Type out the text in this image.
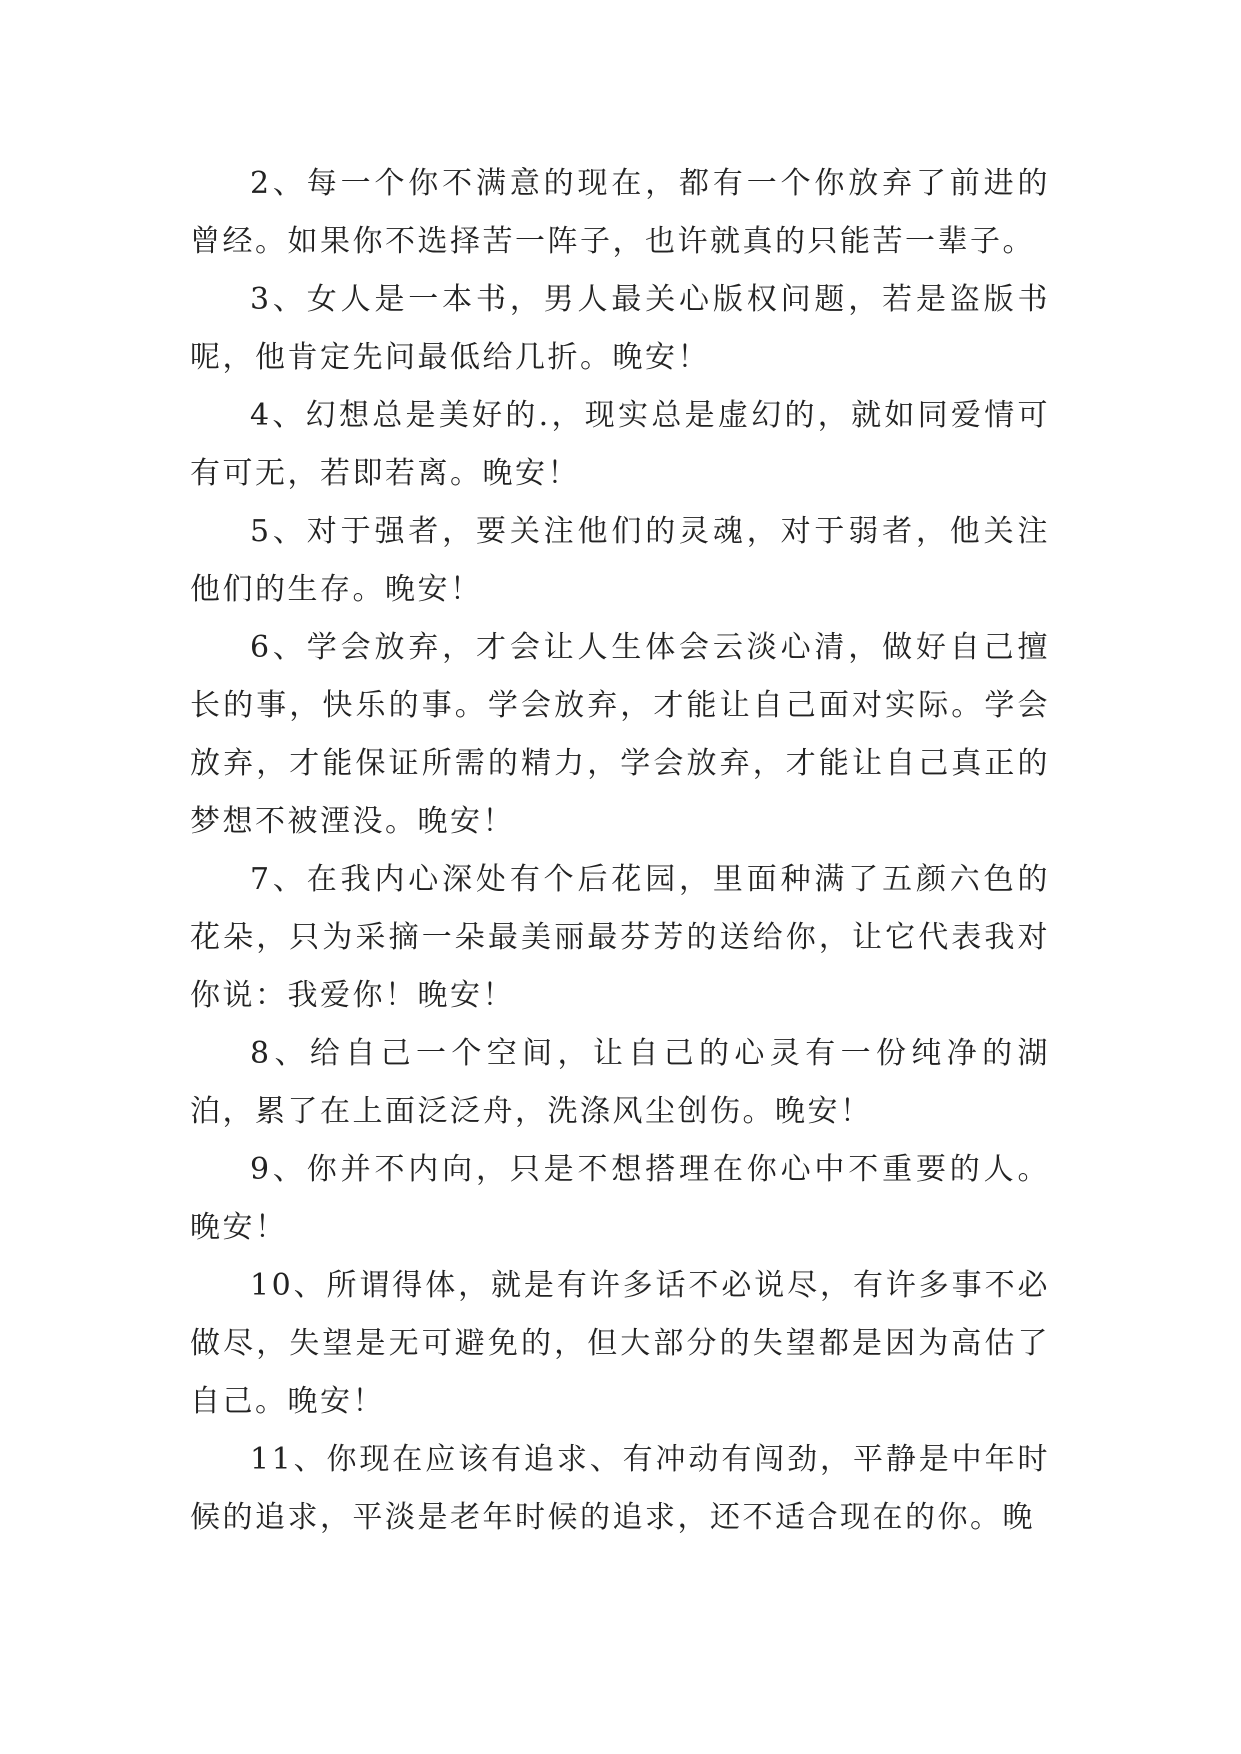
2、每一个你不满意的现在，都有一个你放弃了前进的曾经。如果你不选择苦一阵子，也许就真的只能苦一辈子。

3、女人是一本书，男人最关心版权问题，若是盗版书呢，他肯定先问最低给几折。晚安！

4、幻想总是美好的.，现实总是虚幻的，就如同爱情可有可无，若即若离。晚安！

5、对于强者，要关注他们的灵魂，对于弱者，他关注他们的生存。晚安！

6、学会放弃，才会让人生体会云淡心清，做好自己擅长的事，快乐的事。学会放弃，才能让自己面对实际。学会放弃，才能保证所需的精力，学会放弃，才能让自己真正的梦想不被湮没。晚安！

7、在我内心深处有个后花园，里面种满了五颜六色的花朵，只为采摘一朵最美丽最芬芳的送给你，让它代表我对你说：我爱你！晚安！

8、给自己一个空间，让自己的心灵有一份纯净的湖泊，累了在上面泛泛舟，洗涤风尘创伤。晚安！

9、你并不内向，只是不想搭理在你心中不重要的人。晚安！

10、所谓得体，就是有许多话不必说尽，有许多事不必做尽，失望是无可避免的，但大部分的失望都是因为高估了自己。晚安！

11、你现在应该有追求、有冲动有闯劲，平静是中年时候的追求，平淡是老年时候的追求，还不适合现在的你。晚
